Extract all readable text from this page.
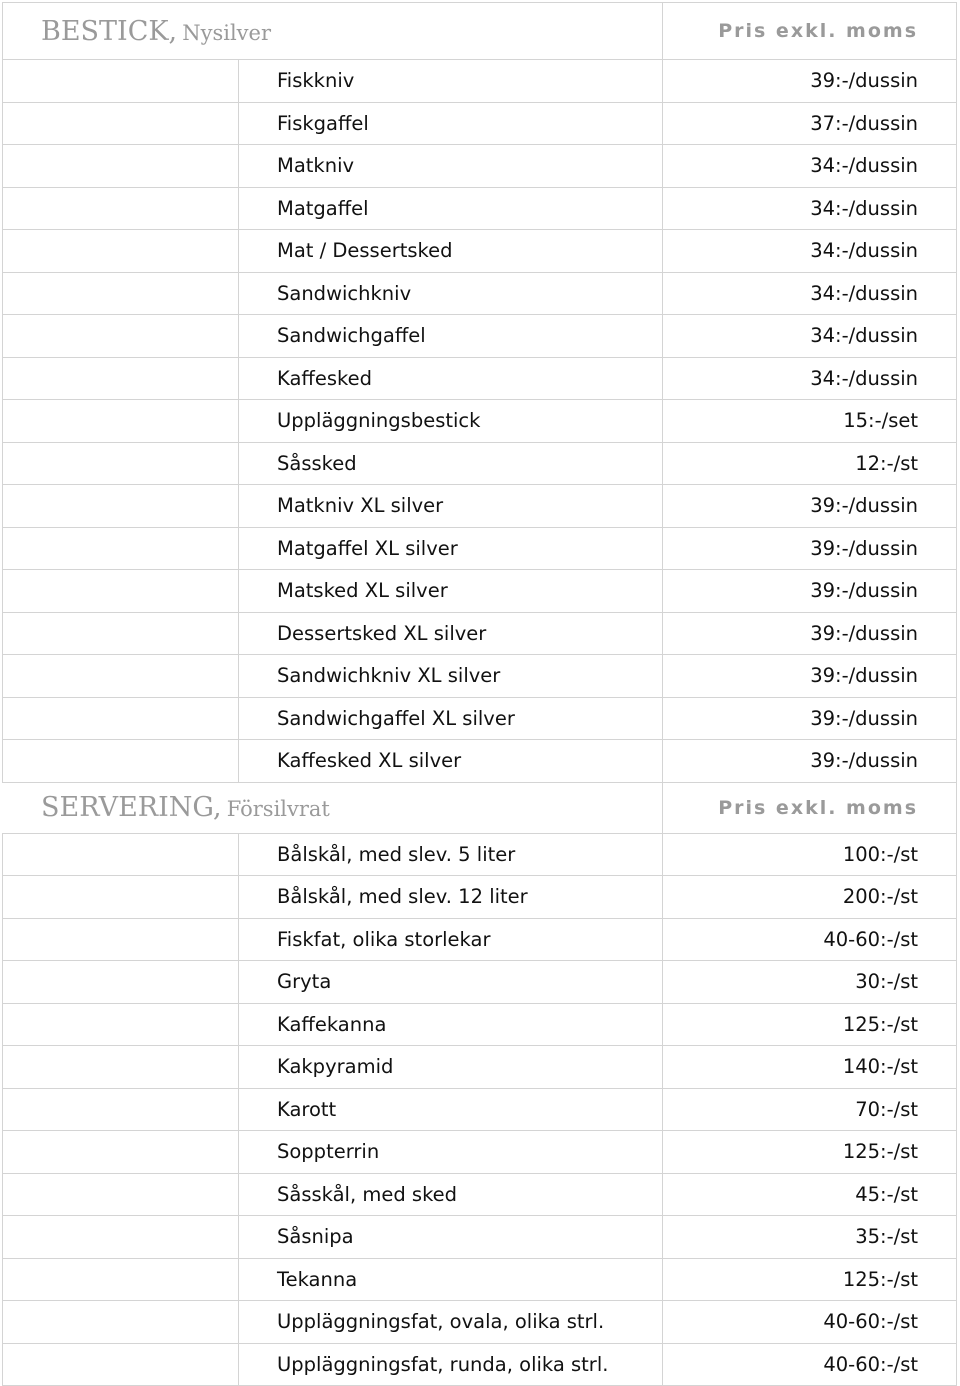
BESTICK, Nysilver		Pris exkl. moms
	Fiskkniv	39:-/dussin
	Fiskgaffel	37:-/dussin
	Matkniv	34:-/dussin
	Matgaffel	34:-/dussin
	Mat / Dessertsked	34:-/dussin
	Sandwichkniv	34:-/dussin
	Sandwichgaffel	34:-/dussin
	Kaffesked	34:-/dussin
	Uppläggningsbestick	15:-/set
	Såssked	12:-/st
	Matkniv XL silver	39:-/dussin
	Matgaffel XL silver	39:-/dussin
	Matsked XL silver	39:-/dussin
	Dessertsked XL silver	39:-/dussin
	Sandwichkniv XL silver	39:-/dussin
	Sandwichgaffel XL silver	39:-/dussin
	Kaffesked XL silver	39:-/dussin
SERVERING, Försilvrat		Pris exkl. moms
	Bålskål, med slev. 5 liter	100:-/st
	Bålskål, med slev. 12 liter	200:-/st
	Fiskfat, olika storlekar	40-60:-/st
	Gryta	30:-/st
	Kaffekanna	125:-/st
	Kakpyramid	140:-/st
	Karott	70:-/st
	Soppterrin	125:-/st
	Såsskål, med sked	45:-/st
	Såsnipa	35:-/st
	Tekanna	125:-/st
	Uppläggningsfat, ovala, olika strl.	40-60:-/st
	Uppläggningsfat, runda, olika strl.	40-60:-/st
